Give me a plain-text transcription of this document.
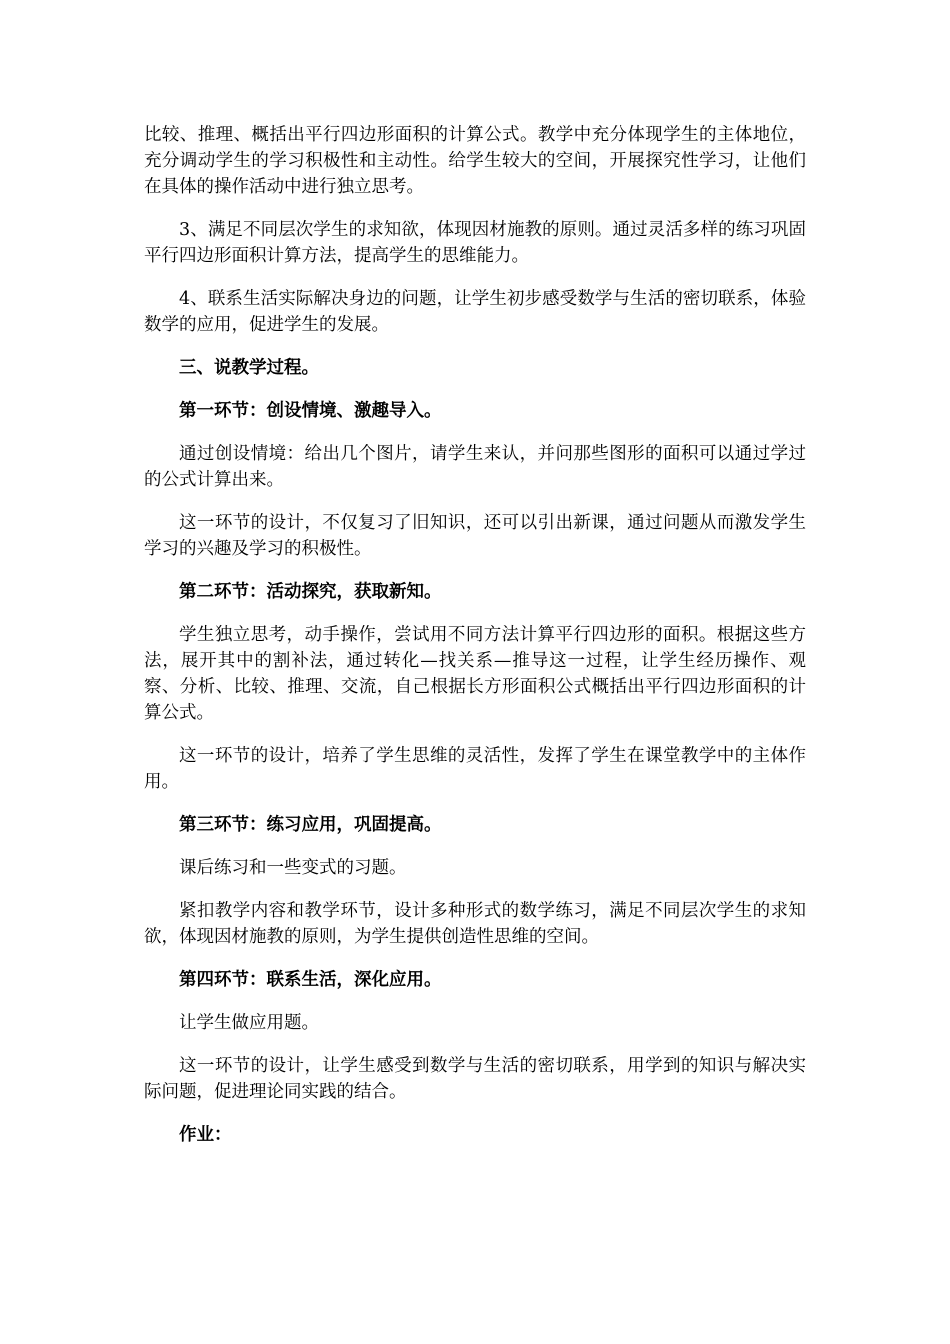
比较、推理、概括出平行四边形面积的计算公式。教学中充分体现学生的主体地位，充分调动学生的学习积极性和主动性。给学生较大的空间，开展探究性学习，让他们在具体的操作活动中进行独立思考。

3、满足不同层次学生的求知欲，体现因材施教的原则。通过灵活多样的练习巩固平行四边形面积计算方法，提高学生的思维能力。

4、联系生活实际解决身边的问题，让学生初步感受数学与生活的密切联系，体验数学的应用，促进学生的发展。

三、说教学过程。

第一环节：创设情境、激趣导入。

通过创设情境：给出几个图片，请学生来认，并问那些图形的面积可以通过学过的公式计算出来。

这一环节的设计，不仅复习了旧知识，还可以引出新课，通过问题从而激发学生学习的兴趣及学习的积极性。

第二环节：活动探究，获取新知。

学生独立思考，动手操作，尝试用不同方法计算平行四边形的面积。根据这些方法，展开其中的割补法，通过转化—找关系—推导这一过程，让学生经历操作、观察、分析、比较、推理、交流，自己根据长方形面积公式概括出平行四边形面积的计算公式。

这一环节的设计，培养了学生思维的灵活性，发挥了学生在课堂教学中的主体作用。

第三环节：练习应用，巩固提高。

课后练习和一些变式的习题。

紧扣教学内容和教学环节，设计多种形式的数学练习，满足不同层次学生的求知欲，体现因材施教的原则，为学生提供创造性思维的空间。

第四环节：联系生活，深化应用。

让学生做应用题。

这一环节的设计，让学生感受到数学与生活的密切联系，用学到的知识与解决实际问题，促进理论同实践的结合。

作业：
